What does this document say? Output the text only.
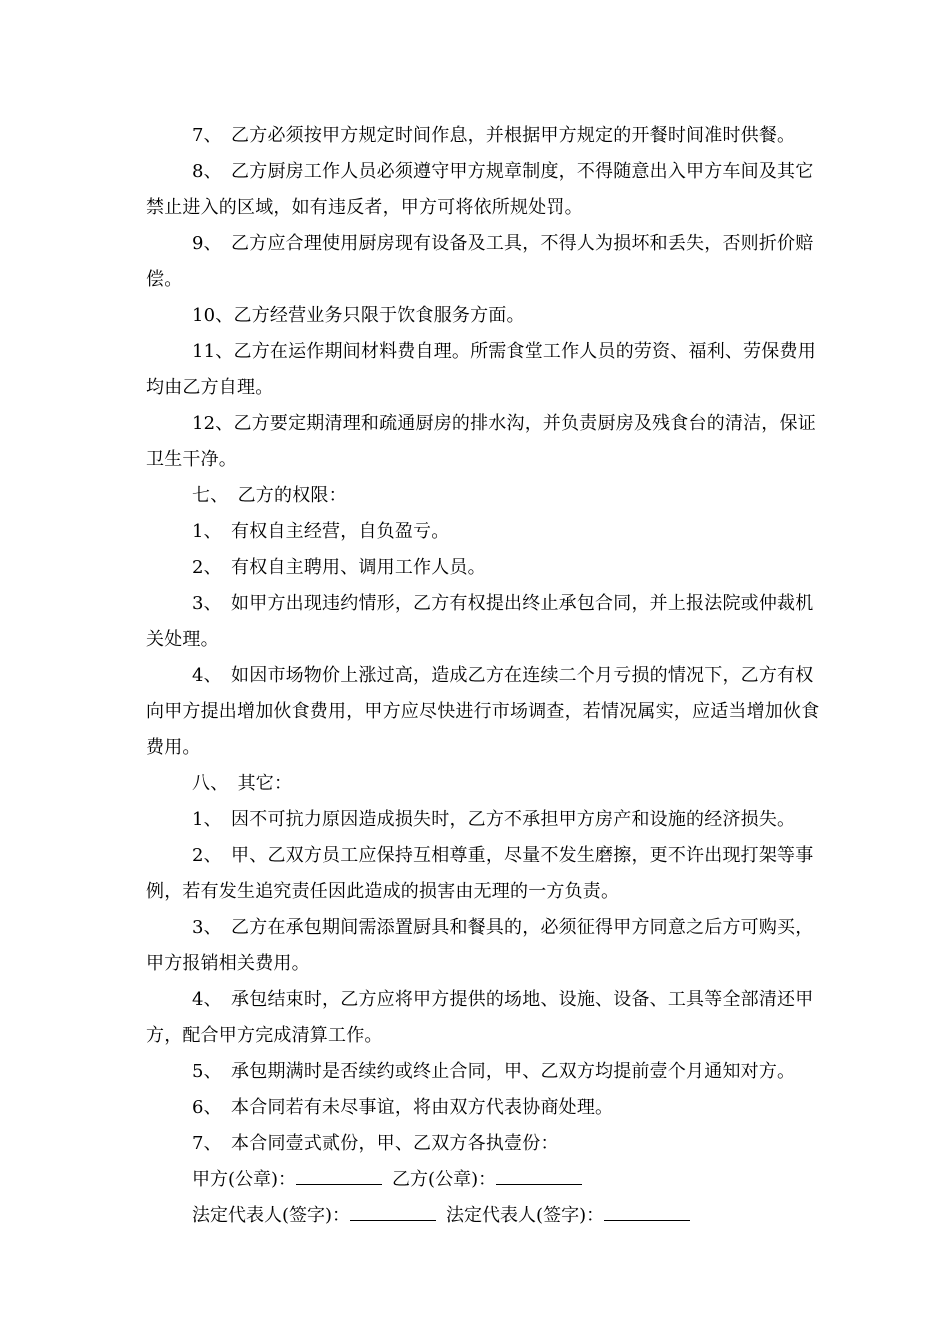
7、　乙方必须按甲方规定时间作息，并根据甲方规定的开餐时间准时供餐。

8、　乙方厨房工作人员必须遵守甲方规章制度，不得随意出入甲方车间及其它禁止进入的区域，如有违反者，甲方可将依所规处罚。

9、　乙方应合理使用厨房现有设备及工具，不得人为损坏和丢失，否则折价赔偿。

10、乙方经营业务只限于饮食服务方面。

11、乙方在运作期间材料费自理。所需食堂工作人员的劳资、福利、劳保费用均由乙方自理。

12、乙方要定期清理和疏通厨房的排水沟，并负责厨房及残食台的清洁，保证卫生干净。

七、　乙方的权限：

1、　有权自主经营，自负盈亏。

2、　有权自主聘用、调用工作人员。

3、　如甲方出现违约情形，乙方有权提出终止承包合同，并上报法院或仲裁机关处理。

4、　如因市场物价上涨过高，造成乙方在连续二个月亏损的情况下，乙方有权向甲方提出增加伙食费用，甲方应尽快进行市场调查，若情况属实，应适当增加伙食费用。

八、　其它：

1、　因不可抗力原因造成损失时，乙方不承担甲方房产和设施的经济损失。

2、　甲、乙双方员工应保持互相尊重，尽量不发生磨擦，更不许出现打架等事例，若有发生追究责任因此造成的损害由无理的一方负责。

3、　乙方在承包期间需添置厨具和餐具的，必须征得甲方同意之后方可购买，甲方报销相关费用。

4、　承包结束时，乙方应将甲方提供的场地、设施、设备、工具等全部清还甲方，配合甲方完成清算工作。

5、　承包期满时是否续约或终止合同，甲、乙双方均提前壹个月通知对方。

6、　本合同若有未尽事谊，将由双方代表协商处理。

7、　本合同壹式贰份，甲、乙双方各执壹份：

甲方(公章)：	乙方(公章)：

法定代表人(签字)：	法定代表人(签字)：
